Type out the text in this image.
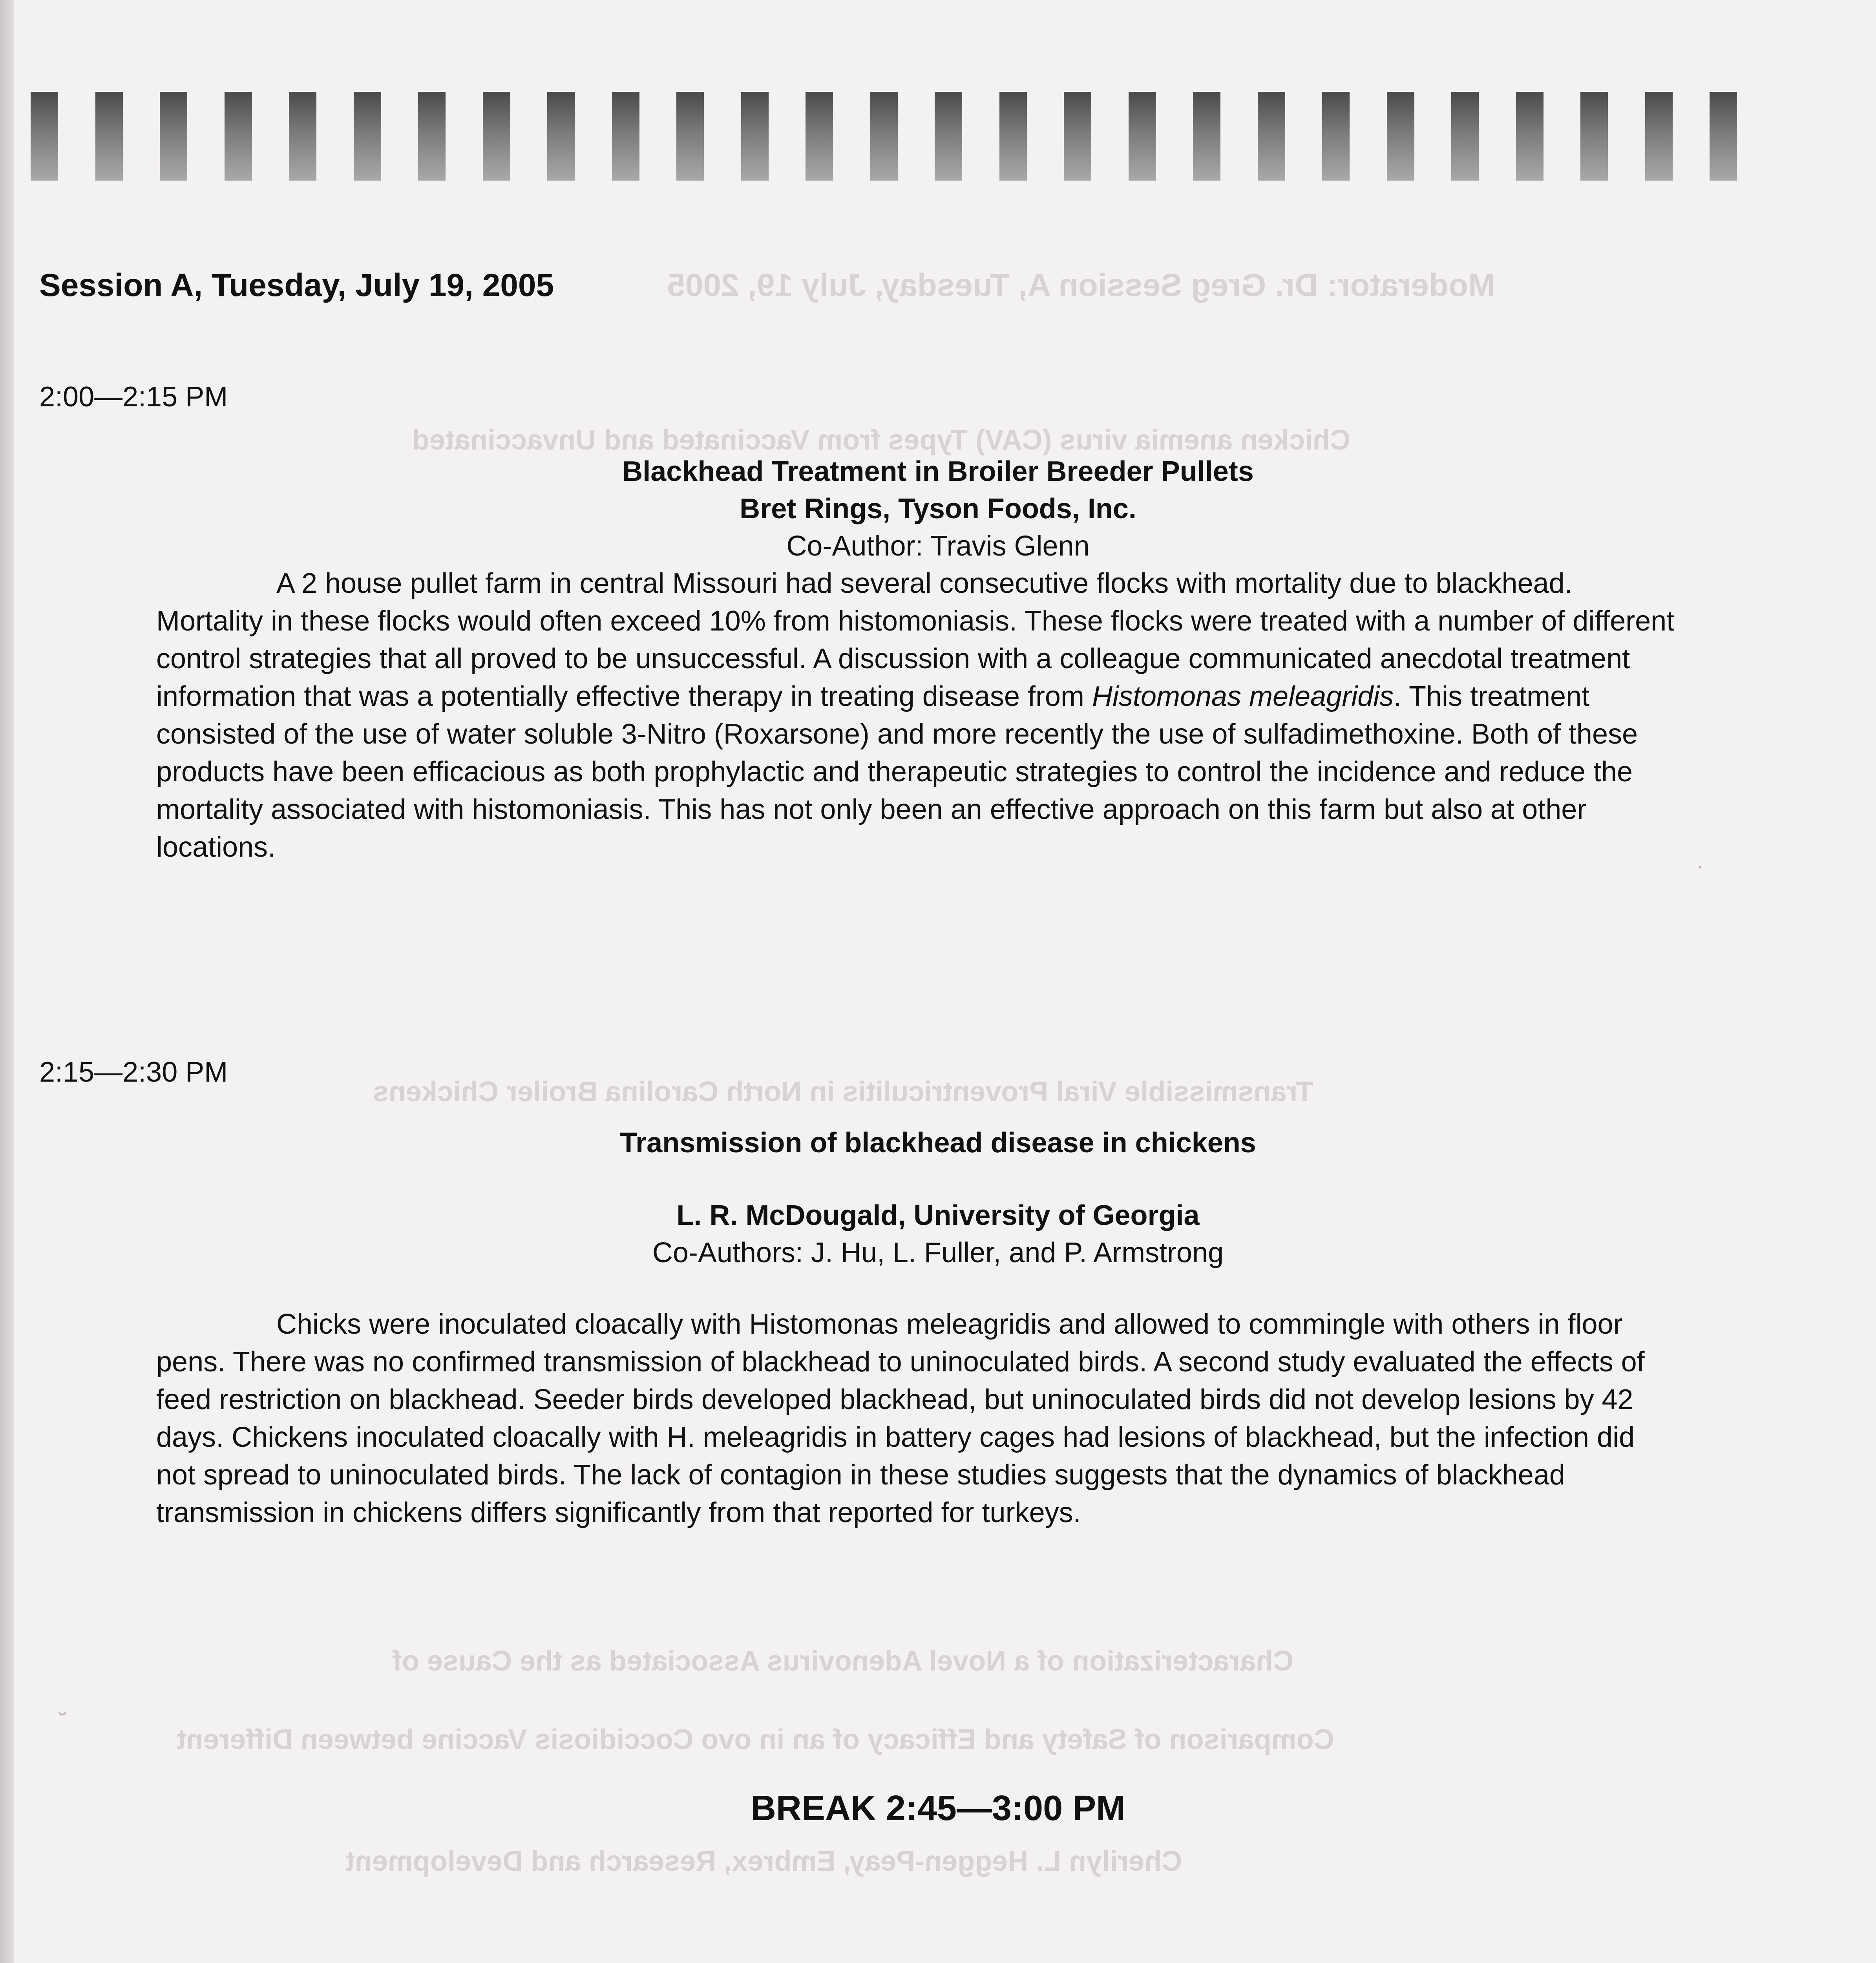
Moderator: Dr. Greg Session A, Tuesday, July 19, 2005
Chicken anemia virus (CAV) Types from Vaccinated and Unvaccinated
Transmissible Viral Proventriculitis in North Carolina Broiler Chickens
Characterization of a Novel Adenovirus Associated as the Cause of
Comparison of Safety and Efficacy of an in ovo Coccidiosis Vaccine between Different
Cherilyn L. Heggen-Peay, Embrex, Research and Development
Session A, Tuesday, July 19, 2005
2:00—2:15 PM
Blackhead Treatment in Broiler Breeder Pullets
Bret Rings, Tyson Foods, Inc.
Co-Author: Travis Glenn

A 2 house pullet farm in central Missouri had several consecutive flocks with mortality due to blackhead. Mortality in these flocks would often exceed 10% from histomoniasis. These flocks were treated with a number of different control strategies that all proved to be unsuccessful. A discussion with a colleague communicated anecdotal treatment information that was a potentially effective therapy in treating disease from Histomonas meleagridis. This treatment consisted of the use of water soluble 3-Nitro (Roxarsone) and more recently the use of sulfadimethoxine. Both of these products have been efficacious as both prophylactic and therapeutic strategies to control the incidence and reduce the mortality associated with histomoniasis. This has not only been an effective approach on this farm but also at other locations.

2:15—2:30 PM
Transmission of blackhead disease in chickens
L. R. McDougald, University of Georgia
Co-Authors: J. Hu, L. Fuller, and P. Armstrong

Chicks were inoculated cloacally with Histomonas meleagridis and allowed to commingle with others in floor pens. There was no confirmed transmission of blackhead to uninoculated birds. A second study evaluated the effects of feed restriction on blackhead. Seeder birds developed blackhead, but uninoculated birds did not develop lesions by 42 days. Chickens inoculated cloacally with H. meleagridis in battery cages had lesions of blackhead, but the infection did not spread to uninoculated birds. The lack of contagion in these studies suggests that the dynamics of blackhead transmission in chickens differs significantly from that reported for turkeys.

BREAK 2:45—3:00 PM
·
˘
